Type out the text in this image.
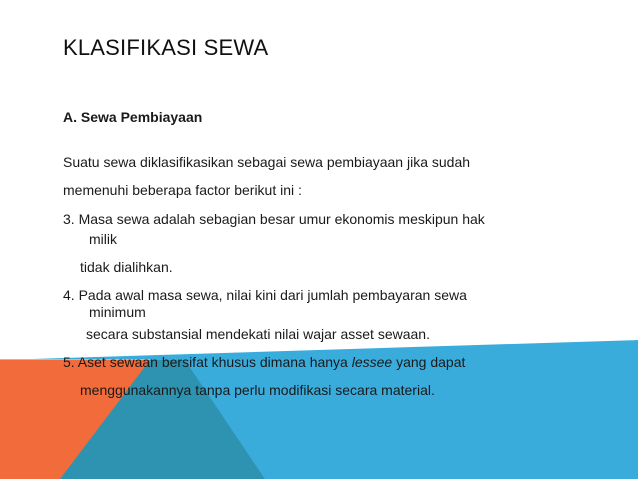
KLASIFIKASI SEWA
A. Sewa Pembiayaan
Suatu sewa diklasifikasikan sebagai sewa pembiayaan jika sudah
memenuhi beberapa factor berikut ini :
3. Masa sewa adalah sebagian besar umur ekonomis meskipun hak
milik
tidak dialihkan.
4. Pada awal masa sewa, nilai kini dari jumlah pembayaran sewa
minimum
secara substansial mendekati nilai wajar asset sewaan.
5. Aset sewaan bersifat khusus dimana hanya lessee yang dapat
menggunakannya tanpa perlu modifikasi secara material.
